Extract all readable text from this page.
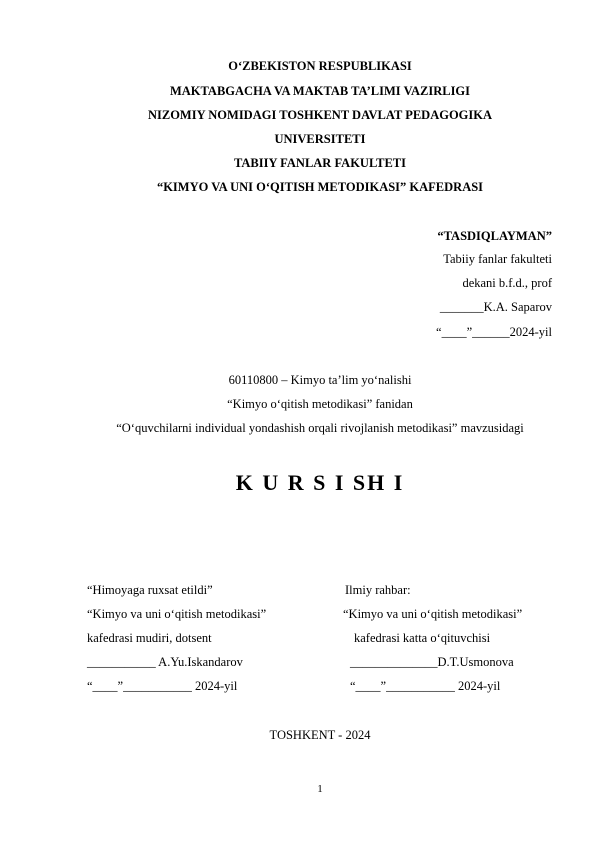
O‘ZBEKISTON RESPUBLIKASI
MAKTABGACHA VA MAKTAB TA’LIMI VAZIRLIGI
NIZOMIY NOMIDAGI TOSHKENT DAVLAT PEDAGOGIKA
UNIVERSITETI
TABIIY FANLAR FAKULTETI
“KIMYO VA UNI O‘QITISH METODIKASI” KAFEDRASI
“TASDIQLAYMAN”
Tabiiy fanlar fakulteti
dekani b.f.d., prof
_______K.A. Saparov
“____”______2024-yil
60110800 – Kimyo ta’lim yo‘nalishi
“Kimyo o‘qitish metodikasi” fanidan
“O‘quvchilarni individual yondashish orqali rivojlanish metodikasi” mavzusidagi
K U R S I SH I
“Himoyaga ruxsat etildi”
“Kimyo va uni o‘qitish metodikasi”
kafedrasi mudiri, dotsent
___________ A.Yu.Iskandarov
“____”___________ 2024-yil
Ilmiy rahbar:
“Kimyo va uni o‘qitish metodikasi”
kafedrasi katta o‘qituvchisi
______________D.T.Usmonova
“____”___________ 2024-yil
TOSHKENT - 2024
1
